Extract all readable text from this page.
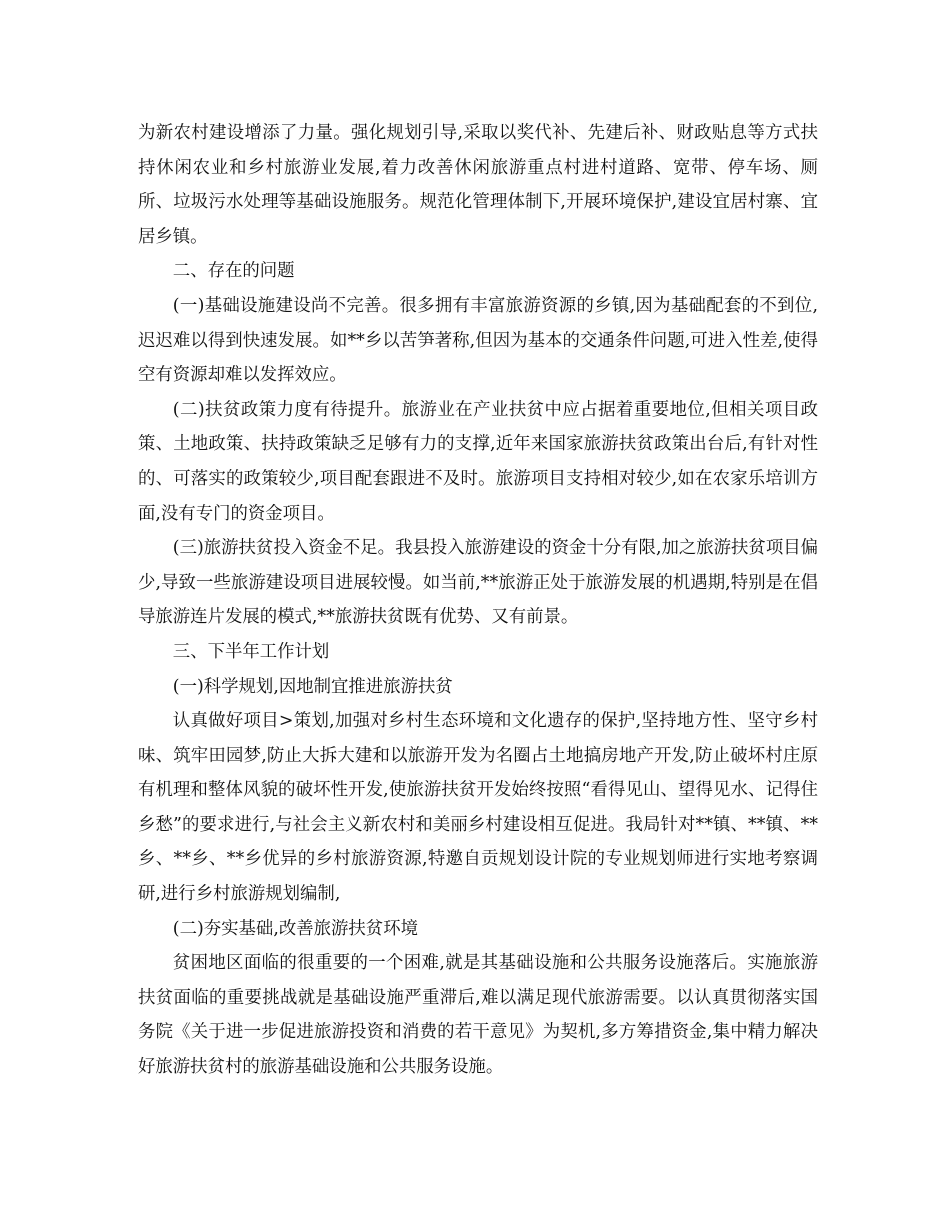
为新农村建设增添了力量。强化规划引导,采取以奖代补、先建后补、财政贴息等方式扶持休闲农业和乡村旅游业发展,着力改善休闲旅游重点村进村道路、宽带、停车场、厕所、垃圾污水处理等基础设施服务。规范化管理体制下,开展环境保护,建设宜居村寨、宜居乡镇。

二、存在的问题

(一)基础设施建设尚不完善。很多拥有丰富旅游资源的乡镇,因为基础配套的不到位,迟迟难以得到快速发展。如**乡以苦笋著称,但因为基本的交通条件问题,可进入性差,使得空有资源却难以发挥效应。

(二)扶贫政策力度有待提升。旅游业在产业扶贫中应占据着重要地位,但相关项目政策、土地政策、扶持政策缺乏足够有力的支撑,近年来国家旅游扶贫政策出台后,有针对性的、可落实的政策较少,项目配套跟进不及时。旅游项目支持相对较少,如在农家乐培训方面,没有专门的资金项目。

(三)旅游扶贫投入资金不足。我县投入旅游建设的资金十分有限,加之旅游扶贫项目偏少,导致一些旅游建设项目进展较慢。如当前,**旅游正处于旅游发展的机遇期,特别是在倡导旅游连片发展的模式,**旅游扶贫既有优势、又有前景。

三、下半年工作计划

(一)科学规划,因地制宜推进旅游扶贫

认真做好项目>策划,加强对乡村生态环境和文化遗存的保护,坚持地方性、坚守乡村味、筑牢田园梦,防止大拆大建和以旅游开发为名圈占土地搞房地产开发,防止破坏村庄原有机理和整体风貌的破坏性开发,使旅游扶贫开发始终按照“看得见山、望得见水、记得住乡愁”的要求进行,与社会主义新农村和美丽乡村建设相互促进。我局针对**镇、**镇、**乡、**乡、**乡优异的乡村旅游资源,特邀自贡规划设计院的专业规划师进行实地考察调研,进行乡村旅游规划编制,

(二)夯实基础,改善旅游扶贫环境

贫困地区面临的很重要的一个困难,就是其基础设施和公共服务设施落后。实施旅游扶贫面临的重要挑战就是基础设施严重滞后,难以满足现代旅游需要。以认真贯彻落实国务院《关于进一步促进旅游投资和消费的若干意见》为契机,多方筹措资金,集中精力解决好旅游扶贫村的旅游基础设施和公共服务设施。
